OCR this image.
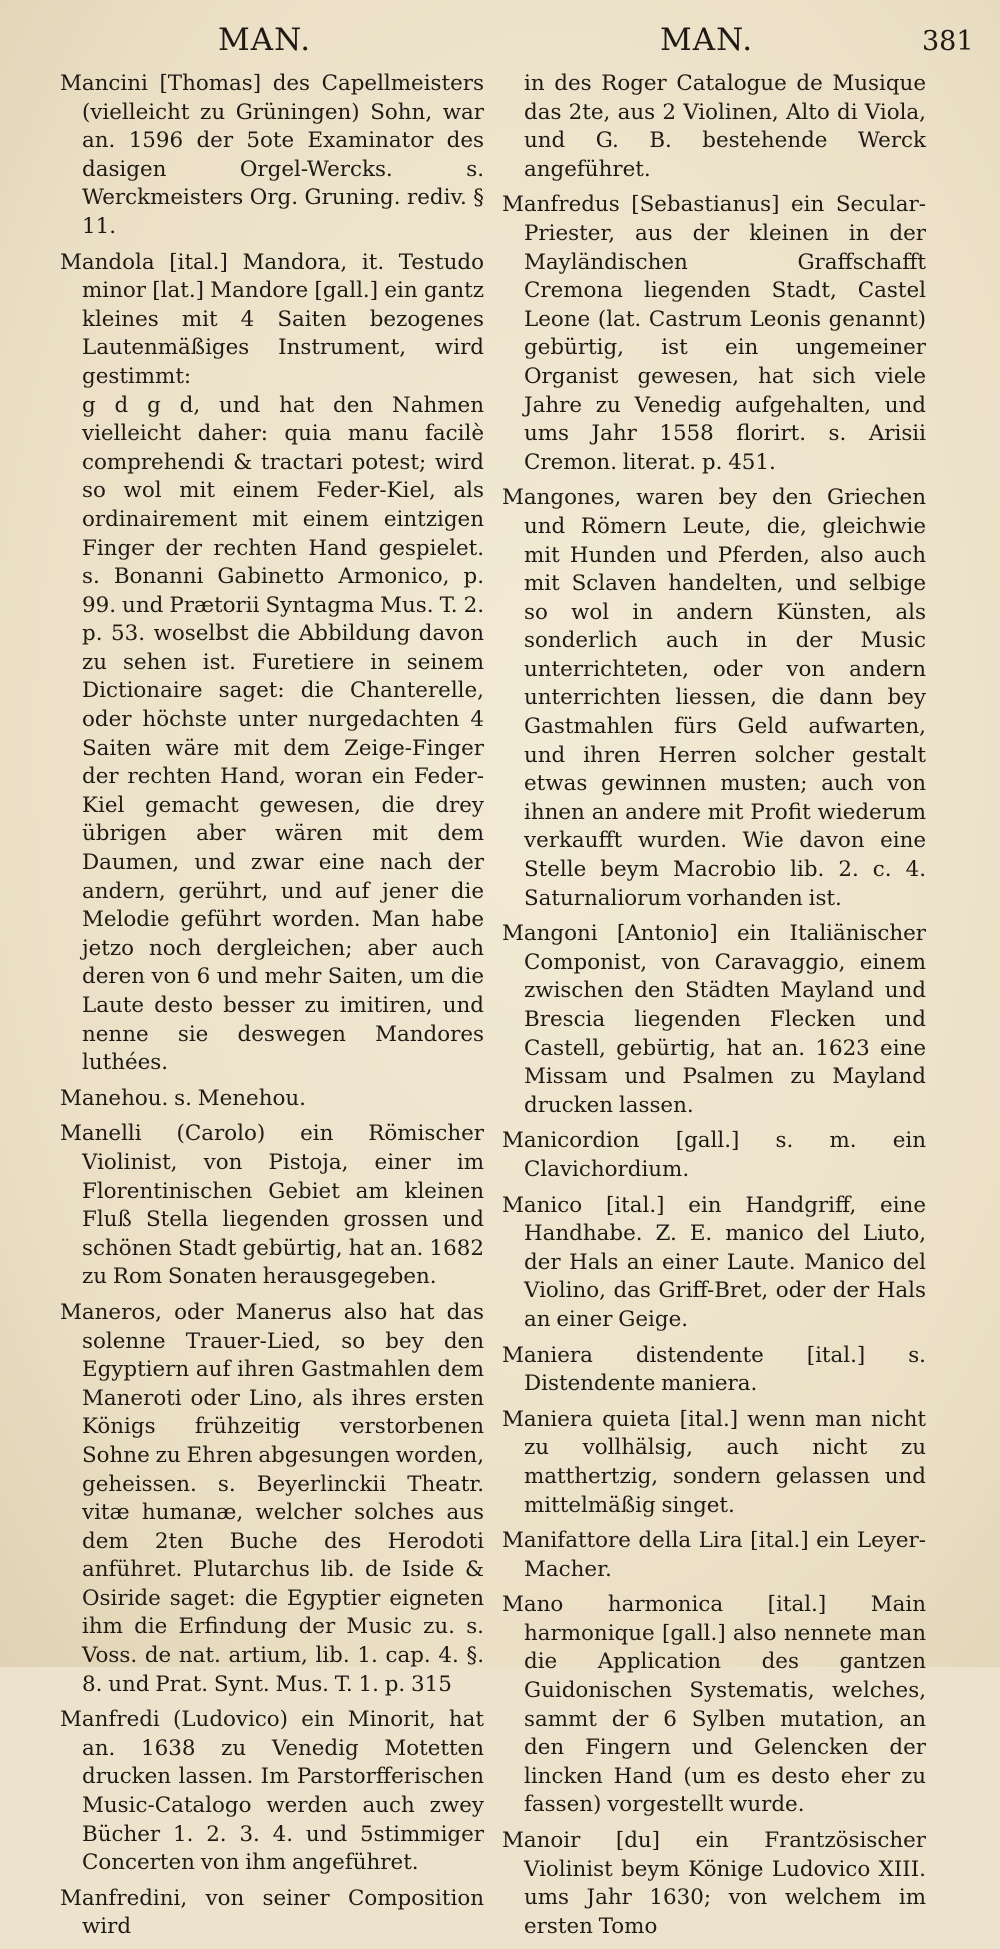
MAN.	MAN.	381

Mancini [Thomas] des Capellmeisters (vielleicht zu Grüningen) Sohn, war an. 1596 der 5ote Examinator des dasigen Orgel-Wercks. s. Werckmeisters Org. Gruning. rediv. § 11.

Mandola [ital.] Mandora, it. Testudo minor [lat.] Mandore [gall.] ein gantz kleines mit 4 Saiten bezogenes Lautenmäßiges Instrument, wird gestimmt:

g d g d, und hat den Nahmen vielleicht daher: quia manu facilè comprehendi & tractari potest; wird so wol mit einem Feder-Kiel, als ordinairement mit einem eintzigen Finger der rechten Hand gespielet. s. Bonanni Gabinetto Armonico, p. 99. und Prætorii Syntagma Mus. T. 2. p. 53. woselbst die Abbildung davon zu sehen ist. Furetiere in seinem Dictionaire saget: die Chanterelle, oder höchste unter nurgedachten 4 Saiten wäre mit dem Zeige-Finger der rechten Hand, woran ein Feder-Kiel gemacht gewesen, die drey übrigen aber wären mit dem Daumen, und zwar eine nach der andern, gerührt, und auf jener die Melodie geführt worden. Man habe jetzo noch dergleichen; aber auch deren von 6 und mehr Saiten, um die Laute desto besser zu imitiren, und nenne sie deswegen Mandores luthées.

Manehou. s. Menehou.

Manelli (Carolo) ein Römischer Violinist, von Pistoja, einer im Florentinischen Gebiet am kleinen Fluß Stella liegenden grossen und schönen Stadt gebürtig, hat an. 1682 zu Rom Sonaten herausgegeben.

Maneros, oder Manerus also hat das solenne Trauer-Lied, so bey den Egyptiern auf ihren Gastmahlen dem Maneroti oder Lino, als ihres ersten Königs frühzeitig verstorbenen Sohne zu Ehren abgesungen worden, geheissen. s. Beyerlinckii Theatr. vitæ humanæ, welcher solches aus dem 2ten Buche des Herodoti anführet. Plutarchus lib. de Iside & Osiride saget: die Egyptier eigneten ihm die Erfindung der Music zu. s. Voss. de nat. artium, lib. 1. cap. 4. §. 8. und Prat. Synt. Mus. T. 1. p. 315

Manfredi (Ludovico) ein Minorit, hat an. 1638 zu Venedig Motetten drucken lassen. Im Parstorfferischen Music-Catalogo werden auch zwey Bücher 1. 2. 3. 4. und 5stimmiger Concerten von ihm angeführet.

Manfredini, von seiner Composition wird

in des Roger Catalogue de Musique das 2te, aus 2 Violinen, Alto di Viola, und G. B. bestehende Werck angeführet.

Manfredus [Sebastianus] ein Secular-Priester, aus der kleinen in der Mayländischen Graffschafft Cremona liegenden Stadt, Castel Leone (lat. Castrum Leonis genannt) gebürtig, ist ein ungemeiner Organist gewesen, hat sich viele Jahre zu Venedig aufgehalten, und ums Jahr 1558 florirt. s. Arisii Cremon. literat. p. 451.

Mangones, waren bey den Griechen und Römern Leute, die, gleichwie mit Hunden und Pferden, also auch mit Sclaven handelten, und selbige so wol in andern Künsten, als sonderlich auch in der Music unterrichteten, oder von andern unterrichten liessen, die dann bey Gastmahlen fürs Geld aufwarten, und ihren Herren solcher gestalt etwas gewinnen musten; auch von ihnen an andere mit Profit wiederum verkaufft wurden. Wie davon eine Stelle beym Macrobio lib. 2. c. 4. Saturnaliorum vorhanden ist.

Mangoni [Antonio] ein Italiänischer Componist, von Caravaggio, einem zwischen den Städten Mayland und Brescia liegenden Flecken und Castell, gebürtig, hat an. 1623 eine Missam und Psalmen zu Mayland drucken lassen.

Manicordion [gall.] s. m. ein Clavichordium.

Manico [ital.] ein Handgriff, eine Handhabe. Z. E. manico del Liuto, der Hals an einer Laute. Manico del Violino, das Griff-Bret, oder der Hals an einer Geige.

Maniera distendente [ital.] s. Distendente maniera.

Maniera quieta [ital.] wenn man nicht zu vollhälsig, auch nicht zu matthertzig, sondern gelassen und mittelmäßig singet.

Manifattore della Lira [ital.] ein Leyer-Macher.

Mano harmonica [ital.] Main harmonique [gall.] also nennete man die Application des gantzen Guidonischen Systematis, welches, sammt der 6 Sylben mutation, an den Fingern und Gelencken der lincken Hand (um es desto eher zu fassen) vorgestellt wurde.

Manoir [du] ein Frantzösischer Violinist beym Könige Ludovico XIII. ums Jahr 1630; von welchem im ersten Tomo
